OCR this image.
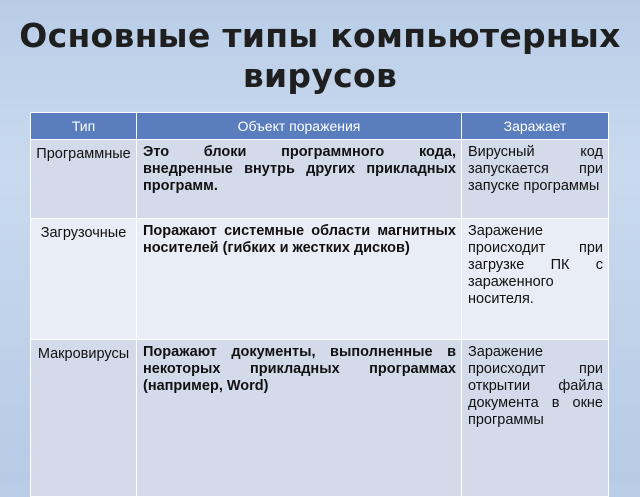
Основные типы компьютерных вирусов
Тип	Объект поражения	Заражает
Программные	Это блоки программного кода, внедренные внутрь других прикладных программ.	Вирусный код запускается при запуске программы
Загрузочные	Поражают системные области магнитных носителей (гибких и жестких дисков)	Заражение происходит при загрузке ПК с зараженного носителя.
Макровирусы	Поражают документы, выполненные в некоторых прикладных программах (например, Word)	Заражение происходит при открытии файла документа в окне программы
